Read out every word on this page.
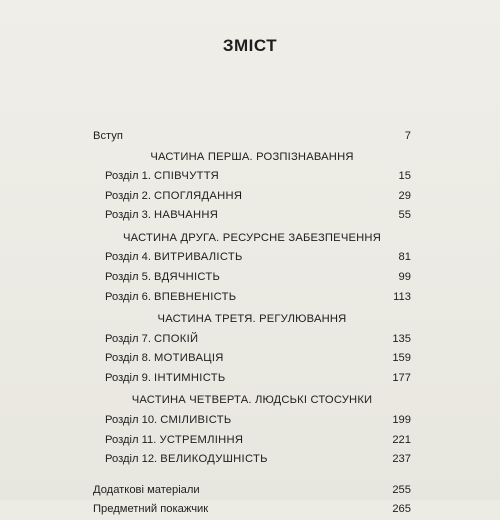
ЗМІСТ
Вступ	7
ЧАСТИНА ПЕРША. РОЗПІЗНАВАННЯ
Розділ 1. СПІВЧУТТЯ	15
Розділ 2. СПОГЛЯДАННЯ	29
Розділ 3. НАВЧАННЯ	55
ЧАСТИНА ДРУГА. РЕСУРСНЕ ЗАБЕЗПЕЧЕННЯ
Розділ 4. ВИТРИВАЛІСТЬ	81
Розділ 5. ВДЯЧНІСТЬ	99
Розділ 6. ВПЕВНЕНІСТЬ	113
ЧАСТИНА ТРЕТЯ. РЕГУЛЮВАННЯ
Розділ 7. СПОКІЙ	135
Розділ 8. МОТИВАЦІЯ	159
Розділ 9. ІНТИМНІСТЬ	177
ЧАСТИНА ЧЕТВЕРТА. ЛЮДСЬКІ СТОСУНКИ
Розділ 10. СМІЛИВІСТЬ	199
Розділ 11. УСТРЕМЛІННЯ	221
Розділ 12. ВЕЛИКОДУШНІСТЬ	237
Додаткові матеріали	255
Предметний покажчик	265
